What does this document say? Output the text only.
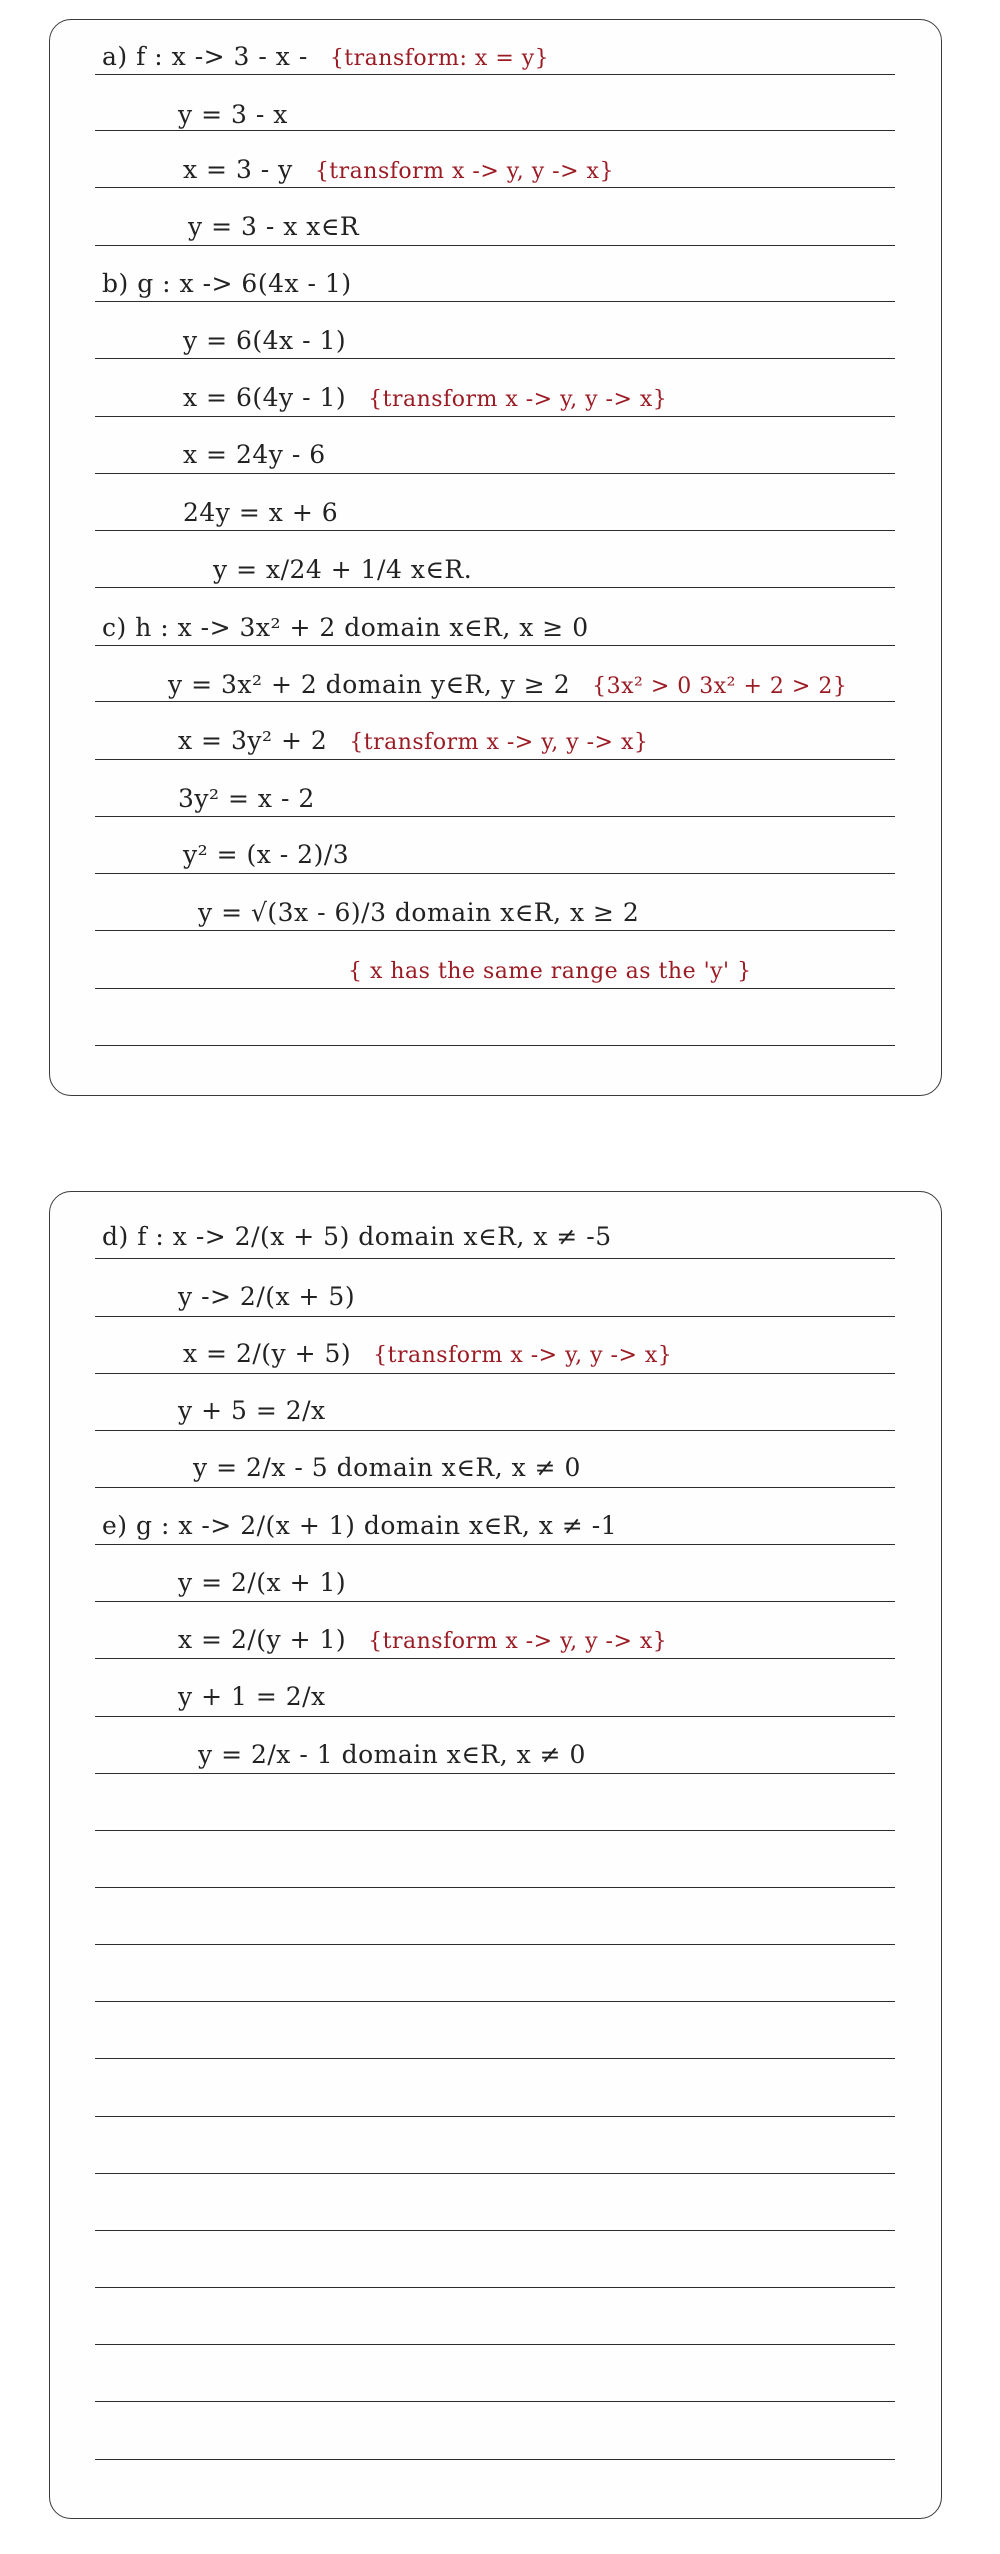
a) f : x -> 3 - x - {transform: x = y}
y = 3 - x
x = 3 - y {transform x -> y, y -> x}
y = 3 - x x∈R
b) g : x -> 6(4x - 1)
y = 6(4x - 1)
x = 6(4y - 1) {transform x -> y, y -> x}
x = 24y - 6
24y = x + 6
y = x/24 + 1/4 x∈R.
c) h : x -> 3x² + 2 domain x∈R, x ≥ 0
y = 3x² + 2 domain y∈R, y ≥ 2 {3x² > 0 3x² + 2 > 2}
x = 3y² + 2 {transform x -> y, y -> x}
3y² = x - 2
y² = (x - 2)/3
y = √(3x - 6)/3 domain x∈R, x ≥ 2
{ x has the same range as the 'y' }
d) f : x -> 2/(x + 5) domain x∈R, x ≠ -5
y -> 2/(x + 5)
x = 2/(y + 5) {transform x -> y, y -> x}
y + 5 = 2/x
y = 2/x - 5 domain x∈R, x ≠ 0
e) g : x -> 2/(x + 1) domain x∈R, x ≠ -1
y = 2/(x + 1)
x = 2/(y + 1) {transform x -> y, y -> x}
y + 1 = 2/x
y = 2/x - 1 domain x∈R, x ≠ 0
